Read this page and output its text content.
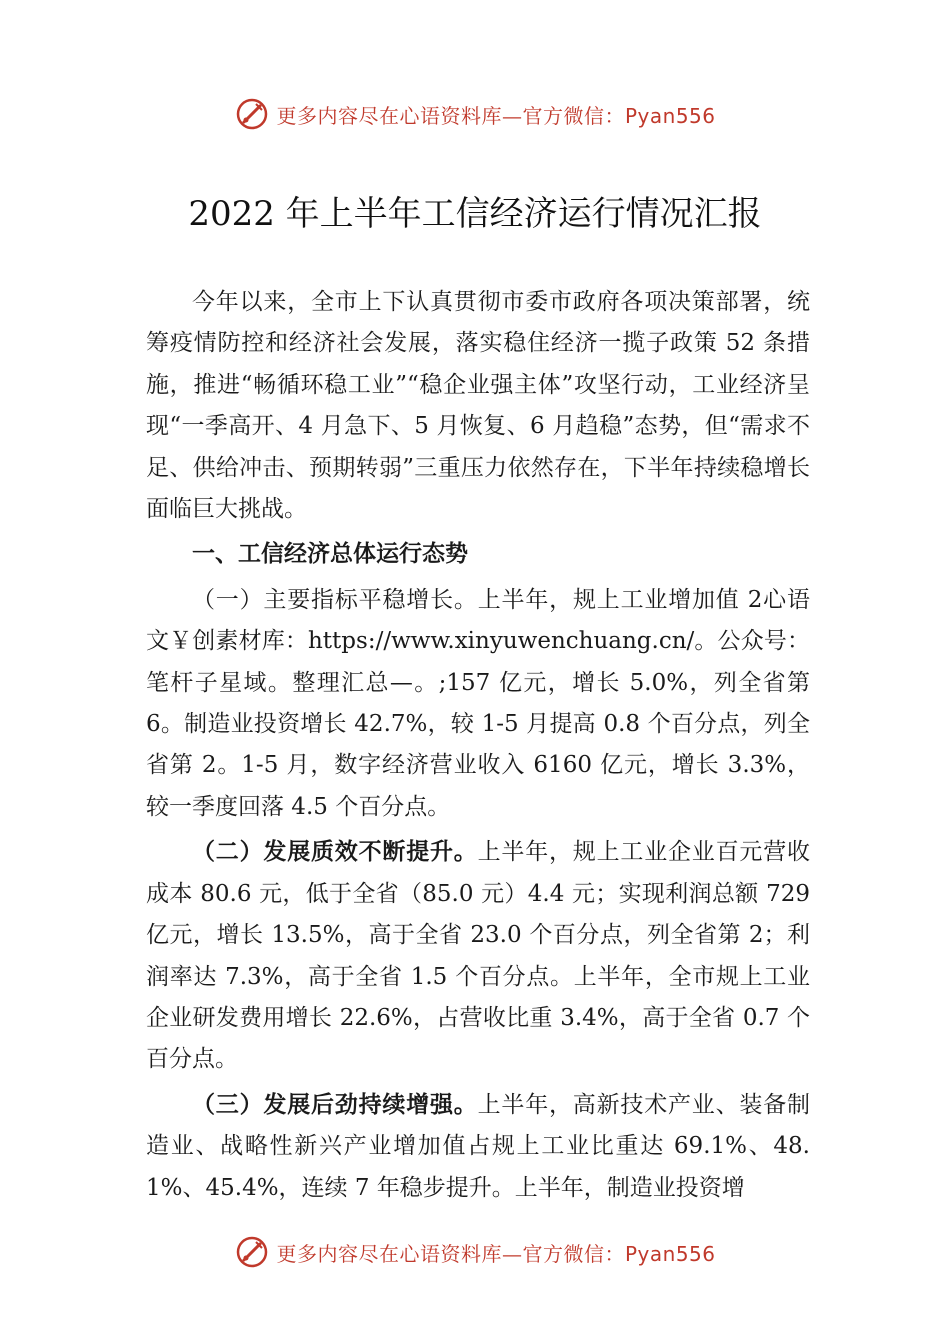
更多内容尽在心语资料库—官方微信：Pyan556
2022 年上半年工信经济运行情况汇报

今年以来，全市上下认真贯彻市委市政府各项决策部署，统筹疫情防控和经济社会发展，落实稳住经济一揽子政策 52 条措施，推进“畅循环稳工业”“稳企业强主体”攻坚行动，工业经济呈现“一季高开、4 月急下、5 月恢复、6 月趋稳”态势，但“需求不足、供给冲击、预期转弱”三重压力依然存在，下半年持续稳增长面临巨大挑战。

一、工信经济总体运行态势

（一）主要指标平稳增长。上半年，规上工业增加值 2心语文￥创素材库：https://www.xinyuwenchuang.cn/。公众号：笔杆子星域。整理汇总—。;157 亿元，增长 5.0%，列全省第 6。制造业投资增长 42.7%，较 1-5 月提高 0.8 个百分点，列全省第 2。1-5 月，数字经济营业收入 6160 亿元，增长 3.3%，较一季度回落 4.5 个百分点。

（二）发展质效不断提升。上半年，规上工业企业百元营收成本 80.6 元，低于全省（85.0 元）4.4 元；实现利润总额 729 亿元，增长 13.5%，高于全省 23.0 个百分点，列全省第 2；利润率达 7.3%，高于全省 1.5 个百分点。上半年，全市规上工业企业研发费用增长 22.6%，占营收比重 3.4%，高于全省 0.7 个百分点。

（三）发展后劲持续增强。上半年，高新技术产业、装备制造业、战略性新兴产业增加值占规上工业比重达 69.1%、48.1%、45.4%，连续 7 年稳步提升。上半年，制造业投资增

更多内容尽在心语资料库—官方微信：Pyan556
